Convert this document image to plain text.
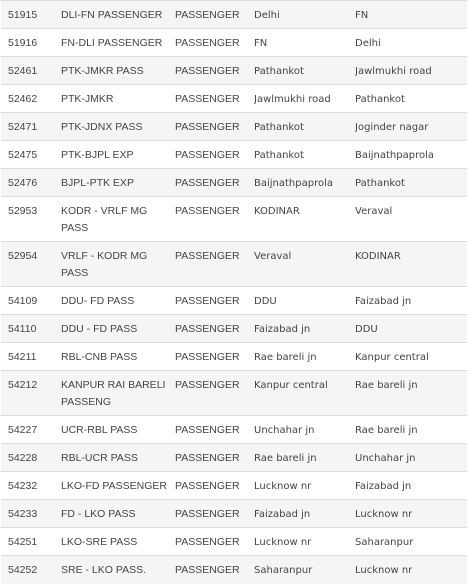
51915	DLI-FN PASSENGER	PASSENGER	Delhi	FN

51916	FN-DLI PASSENGER	PASSENGER	FN	Delhi

52461	PTK-JMKR PASS	PASSENGER	Pathankot	Jawlmukhi road

52462	PTK-JMKR	PASSENGER	Jawlmukhi road	Pathankot

52471	PTK-JDNX PASS	PASSENGER	Pathankot	Joginder nagar

52475	PTK-BJPL EXP	PASSENGER	Pathankot	Baijnathpaprola

52476	BJPL-PTK EXP	PASSENGER	Baijnathpaprola	Pathankot

52953	KODR - VRLF MG PASS	PASSENGER	KODINAR	Veraval

52954	VRLF - KODR MG PASS	PASSENGER	Veraval	KODINAR

54109	DDU- FD PASS	PASSENGER	DDU	Faizabad jn

54110	DDU - FD PASS	PASSENGER	Faizabad jn	DDU

54211	RBL-CNB PASS	PASSENGER	Rae bareli jn	Kanpur central

54212	KANPUR RAI BARELI PASSENG	PASSENGER	Kanpur central	Rae bareli jn

54227	UCR-RBL PASS	PASSENGER	Unchahar jn	Rae bareli jn

54228	RBL-UCR PASS	PASSENGER	Rae bareli jn	Unchahar jn

54232	LKO-FD PASSENGER	PASSENGER	Lucknow nr	Faizabad jn

54233	FD - LKO PASS	PASSENGER	Faizabad jn	Lucknow nr

54251	LKO-SRE PASS	PASSENGER	Lucknow nr	Saharanpur

54252	SRE - LKO PASS.	PASSENGER	Saharanpur	Lucknow nr
